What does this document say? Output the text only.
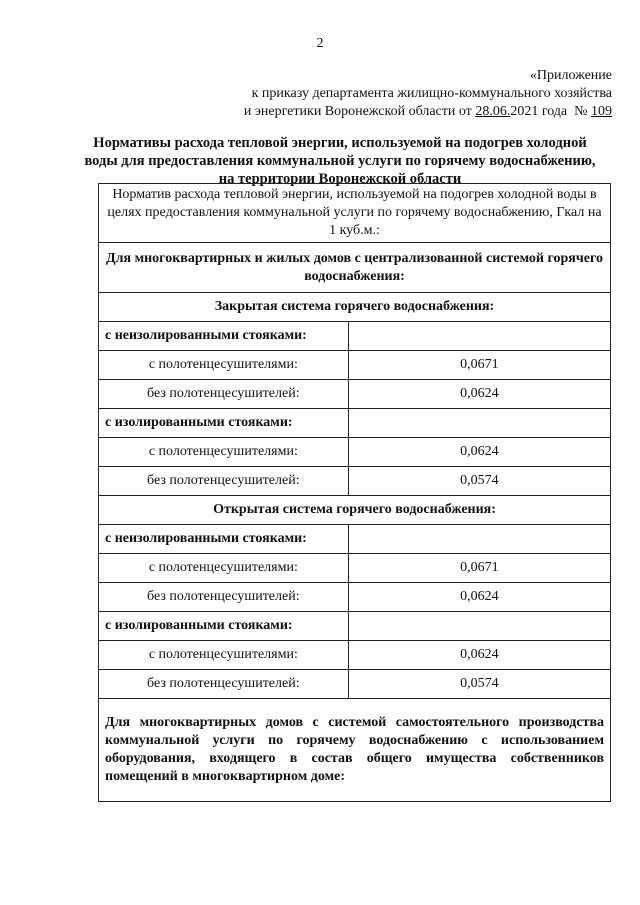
2
«Приложение
к приказу департамента жилищно-коммунального хозяйства
и энергетики Воронежской области от 28.06.2021 года № 109
Нормативы расхода тепловой энергии, используемой на подогрев холодной
воды для предоставления коммунальной услуги по горячему водоснабжению,
на территории Воронежской области
Норматив расхода тепловой энергии, используемой на подогрев холодной воды в целях предоставления коммунальной услуги по горячему водоснабжению, Гкал на 1 куб.м.:	
Для многоквартирных и жилых домов с централизованной системой горячего водоснабжения:	
Закрытая система горячего водоснабжения:	
с неизолированными стояками:	
с полотенцесушителями:	0,0671
без полотенцесушителей:	0,0624
с изолированными стояками:	
с полотенцесушителями:	0,0624
без полотенцесушителей:	0,0574
Открытая система горячего водоснабжения:	
с неизолированными стояками:	
с полотенцесушителями:	0,0671
без полотенцесушителей:	0,0624
с изолированными стояками:	
с полотенцесушителями:	0,0624
без полотенцесушителей:	0,0574
Для многоквартирных домов с системой самостоятельного производства коммунальной услуги по горячему водоснабжению с использованием оборудования, входящего в состав общего имущества собственников помещений в многоквартирном доме:	
